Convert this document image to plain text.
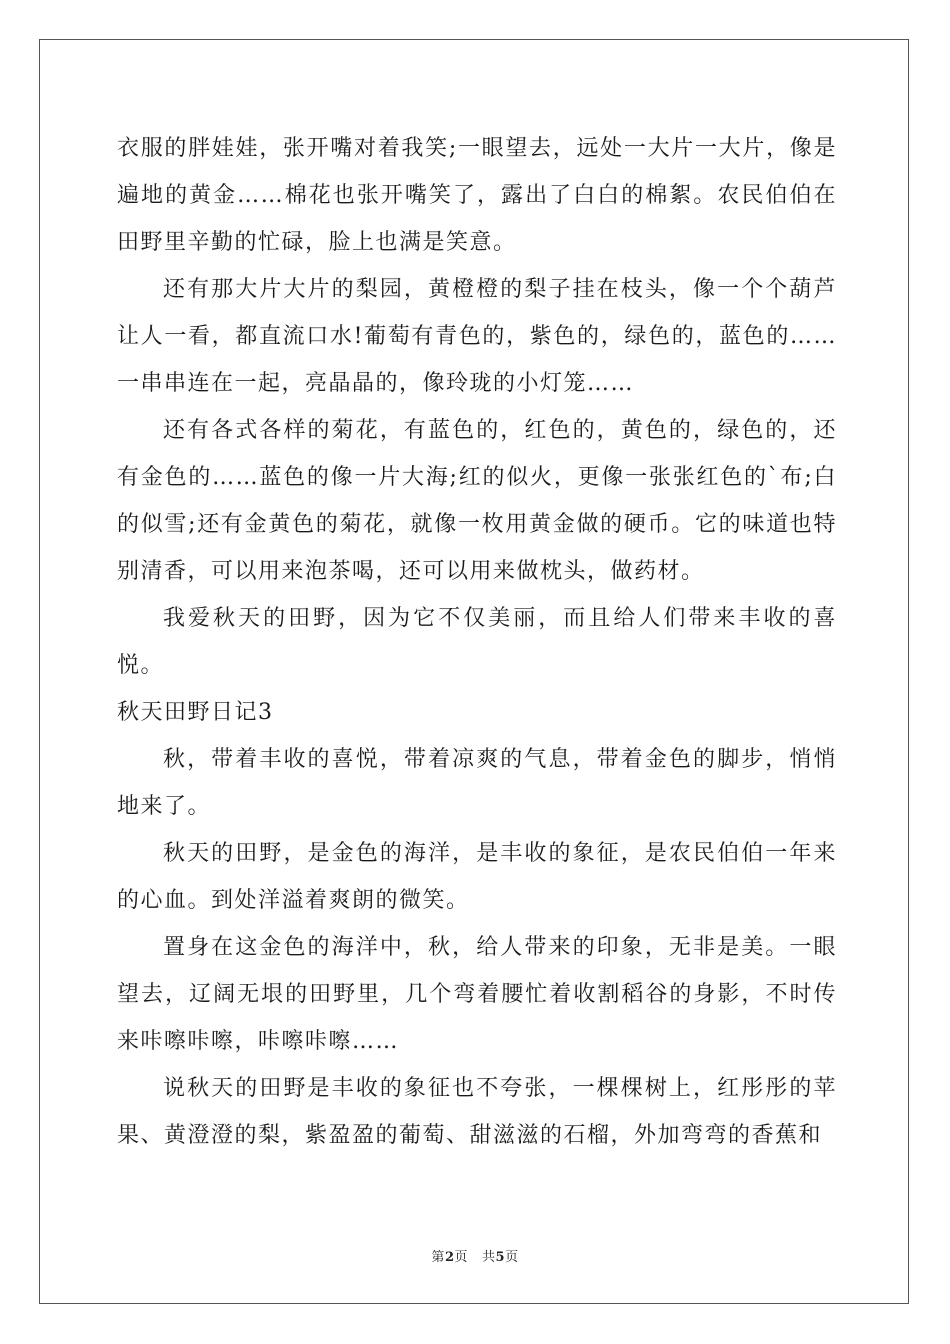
衣服的胖娃娃，张开嘴对着我笑;一眼望去，远处一大片一大片，像是遍地的黄金……棉花也张开嘴笑了，露出了白白的棉絮。农民伯伯在田野里辛勤的忙碌，脸上也满是笑意。

还有那大片大片的梨园，黄橙橙的梨子挂在枝头，像一个个葫芦让人一看，都直流口水!葡萄有青色的，紫色的，绿色的，蓝色的……一串串连在一起，亮晶晶的，像玲珑的小灯笼……

还有各式各样的菊花，有蓝色的，红色的，黄色的，绿色的，还有金色的……蓝色的像一片大海;红的似火，更像一张张红色的`布;白的似雪;还有金黄色的菊花，就像一枚用黄金做的硬币。它的味道也特别清香，可以用来泡茶喝，还可以用来做枕头，做药材。

我爱秋天的田野，因为它不仅美丽，而且给人们带来丰收的喜悦。

秋天田野日记3

秋，带着丰收的喜悦，带着凉爽的气息，带着金色的脚步，悄悄地来了。

秋天的田野，是金色的海洋，是丰收的象征，是农民伯伯一年来的心血。到处洋溢着爽朗的微笑。

置身在这金色的海洋中，秋，给人带来的印象，无非是美。一眼望去，辽阔无垠的田野里，几个弯着腰忙着收割稻谷的身影，不时传来咔嚓咔嚓，咔嚓咔嚓……

说秋天的田野是丰收的象征也不夸张，一棵棵树上，红彤彤的苹果、黄澄澄的梨，紫盈盈的葡萄、甜滋滋的石榴，外加弯弯的香蕉和

第2页 共5页
